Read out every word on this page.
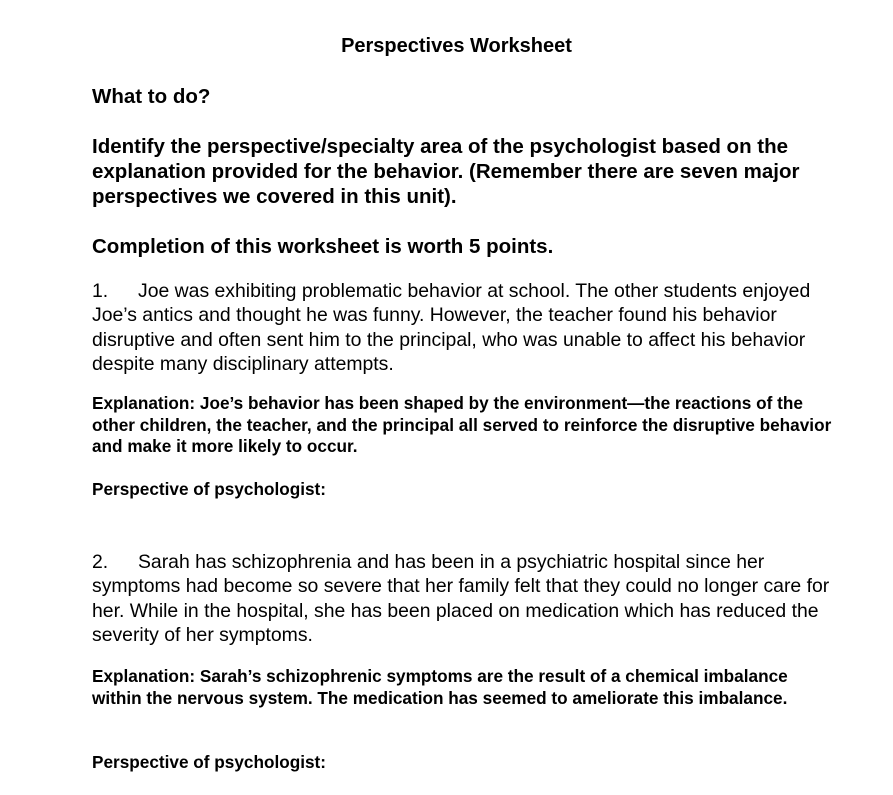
Perspectives Worksheet
What to do?
Identify the perspective/specialty area of the psychologist based on the explanation provided for the behavior. (Remember there are seven major perspectives we covered in this unit).
Completion of this worksheet is worth 5 points.
1. Joe was exhibiting problematic behavior at school. The other students enjoyed Joe’s antics and thought he was funny. However, the teacher found his behavior disruptive and often sent him to the principal, who was unable to affect his behavior despite many disciplinary attempts.
Explanation: Joe’s behavior has been shaped by the environment—the reactions of the other children, the teacher, and the principal all served to reinforce the disruptive behavior and make it more likely to occur.
Perspective of psychologist:
2. Sarah has schizophrenia and has been in a psychiatric hospital since her symptoms had become so severe that her family felt that they could no longer care for her. While in the hospital, she has been placed on medication which has reduced the severity of her symptoms.
Explanation: Sarah’s schizophrenic symptoms are the result of a chemical imbalance within the nervous system. The medication has seemed to ameliorate this imbalance.
Perspective of psychologist:
